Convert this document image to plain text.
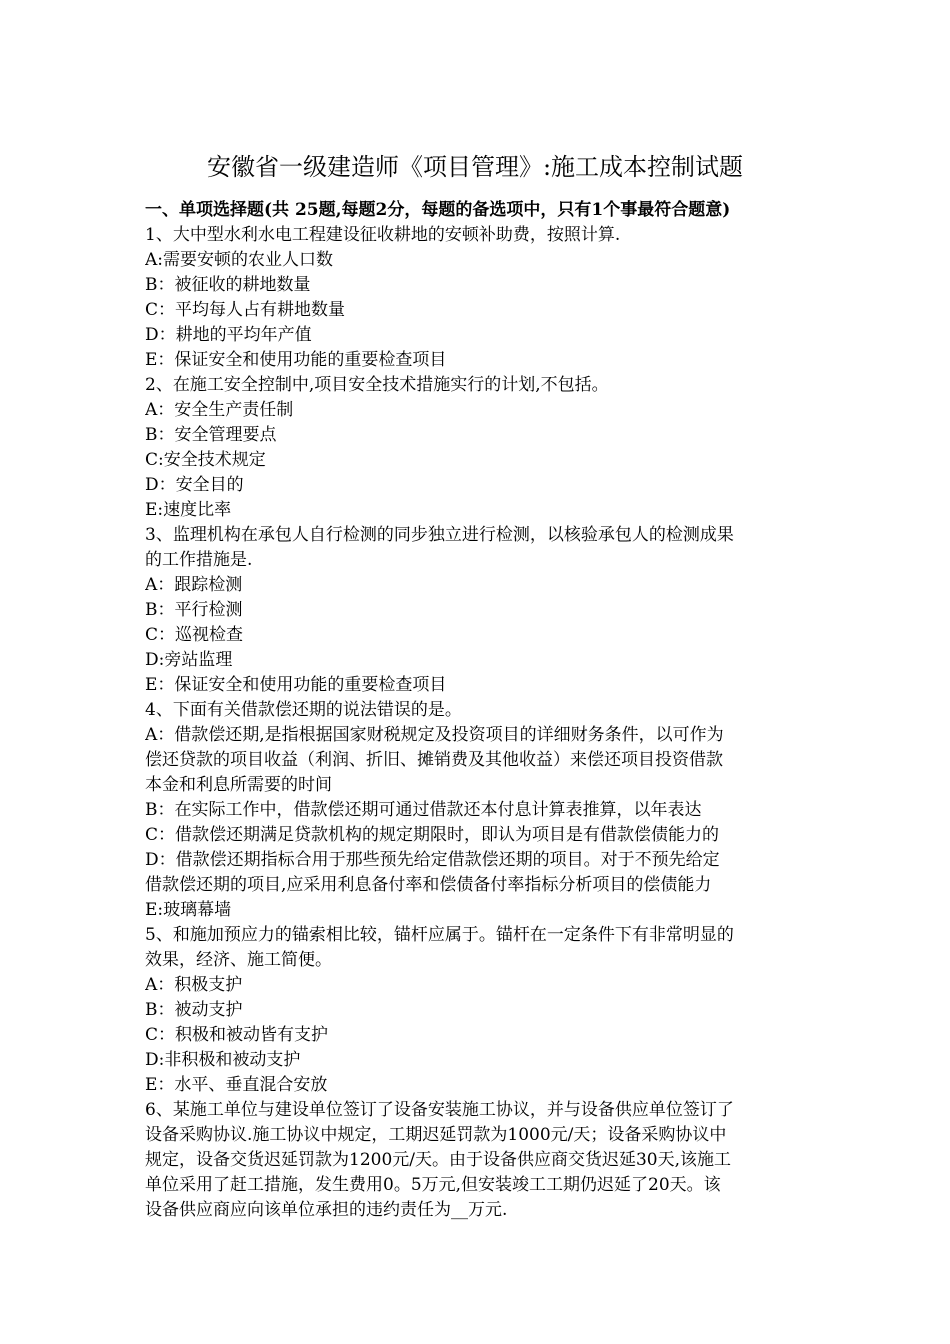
安徽省一级建造师《项目管理》:施工成本控制试题
一、单项选择题(共 25题,每题2分，每题的备选项中，只有1个事最符合题意)
1、大中型水利水电工程建设征收耕地的安顿补助费，按照计算.
A:需要安顿的农业人口数
B：被征收的耕地数量
C：平均每人占有耕地数量
D：耕地的平均年产值
E：保证安全和使用功能的重要检查项目
2、在施工安全控制中,项目安全技术措施实行的计划,不包括。
A：安全生产责任制
B：安全管理要点
C:安全技术规定
D：安全目的
E:速度比率
3、监理机构在承包人自行检测的同步独立进行检测，以核验承包人的检测成果
的工作措施是.
A：跟踪检测
B：平行检测
C：巡视检查
D:旁站监理
E：保证安全和使用功能的重要检查项目
4、下面有关借款偿还期的说法错误的是。
A：借款偿还期,是指根据国家财税规定及投资项目的详细财务条件，以可作为
偿还贷款的项目收益（利润、折旧、摊销费及其他收益）来偿还项目投资借款
本金和利息所需要的时间
B：在实际工作中，借款偿还期可通过借款还本付息计算表推算，以年表达
C：借款偿还期满足贷款机构的规定期限时，即认为项目是有借款偿债能力的
D：借款偿还期指标合用于那些预先给定借款偿还期的项目。对于不预先给定
借款偿还期的项目,应采用利息备付率和偿债备付率指标分析项目的偿债能力
E:玻璃幕墙
5、和施加预应力的锚索相比较，锚杆应属于。锚杆在一定条件下有非常明显的
效果，经济、施工简便。
A：积极支护
B：被动支护
C：积极和被动皆有支护
D:非积极和被动支护
E：水平、垂直混合安放
6、某施工单位与建设单位签订了设备安装施工协议，并与设备供应单位签订了
设备采购协议.施工协议中规定，工期迟延罚款为1000元/天；设备采购协议中
规定，设备交货迟延罚款为1200元/天。由于设备供应商交货迟延30天,该施工
单位采用了赶工措施，发生费用0。5万元,但安装竣工工期仍迟延了20天。该
设备供应商应向该单位承担的违约责任为__万元.
